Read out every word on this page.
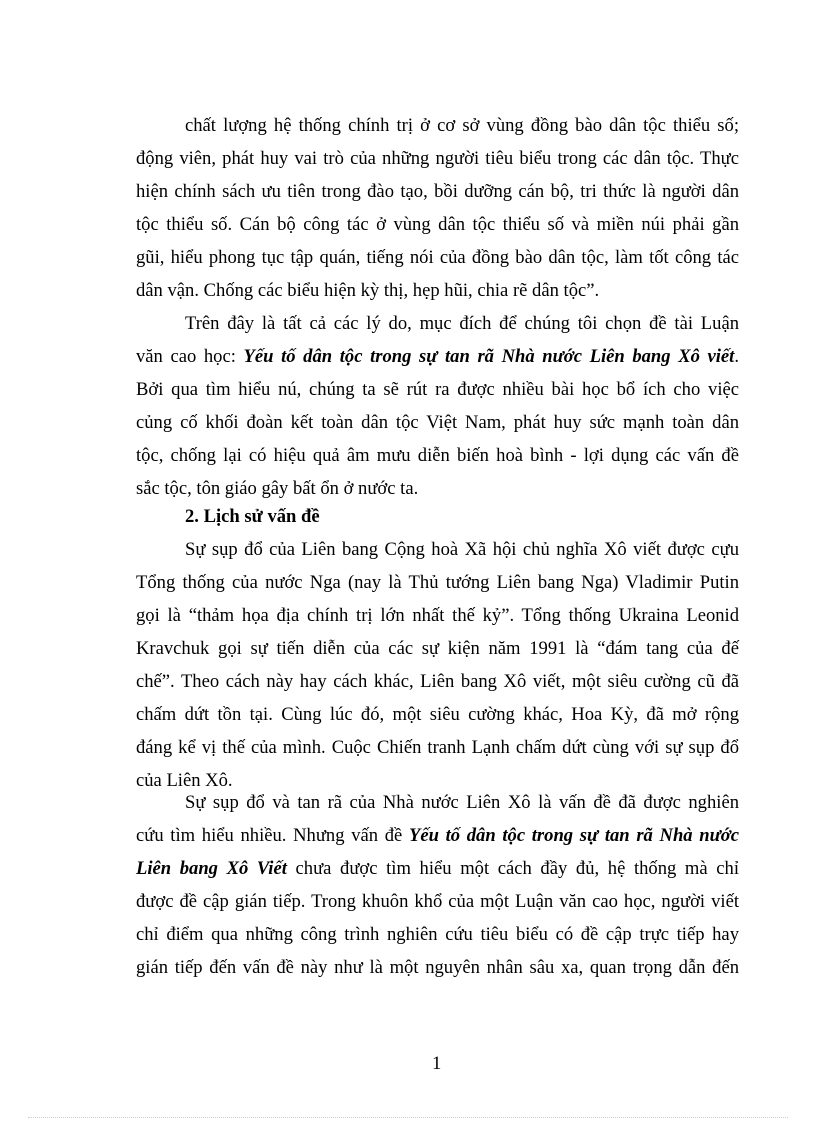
chất lượng hệ thống chính trị ở cơ sở vùng đồng bào dân tộc thiểu số;
động viên, phát huy vai trò của những người tiêu biểu trong các dân tộc. Thực
hiện chính sách ưu tiên trong đào tạo, bồi dưỡng cán bộ, tri thức là người dân
tộc thiểu số. Cán bộ công tác ở vùng dân tộc thiểu số và miền núi phải gần
gũi, hiểu phong tục tập quán, tiếng nói của đồng bào dân tộc, làm tốt công tác
dân vận. Chống các biểu hiện kỳ thị, hẹp hũi, chia rẽ dân tộc”.
Trên đây là tất cả các lý do, mục đích để chúng tôi chọn đề tài Luận
văn cao học: Yếu tố dân tộc trong sự tan rã Nhà nước Liên bang Xô viết.
Bởi qua tìm hiểu nú, chúng ta sẽ rút ra được nhiều bài học bổ ích cho việc
củng cố khối đoàn kết toàn dân tộc Việt Nam, phát huy sức mạnh toàn dân
tộc, chống lại có hiệu quả âm mưu diễn biến hoà bình - lợi dụng các vấn đề
sắc tộc, tôn giáo gây bất ổn ở nước ta.
2. Lịch sử vấn đề
Sự sụp đổ của Liên bang Cộng hoà Xã hội chủ nghĩa Xô viết được cựu
Tổng thống của nước Nga (nay là Thủ tướng Liên bang Nga) Vladimir Putin
gọi là “thảm họa địa chính trị lớn nhất thế kỷ”. Tổng thống Ukraina Leonid
Kravchuk gọi sự tiến diễn của các sự kiện năm 1991 là “đám tang của đế
chế”. Theo cách này hay cách khác, Liên bang Xô viết, một siêu cường cũ đã
chấm dứt tồn tại. Cùng lúc đó, một siêu cường khác, Hoa Kỳ, đã mở rộng
đáng kể vị thế của mình. Cuộc Chiến tranh Lạnh chấm dứt cùng với sự sụp đổ
của Liên Xô.
Sự sụp đổ và tan rã của Nhà nước Liên Xô là vấn đề đã được nghiên
cứu tìm hiểu nhiều. Nhưng vấn đề Yếu tố dân tộc trong sự tan rã Nhà nước
Liên bang Xô Viết chưa được tìm hiểu một cách đầy đủ, hệ thống mà chỉ
được đề cập gián tiếp. Trong khuôn khổ của một Luận văn cao học, người viết
chỉ điểm qua những công trình nghiên cứu tiêu biểu có đề cập trực tiếp hay
gián tiếp đến vấn đề này như là một nguyên nhân sâu xa, quan trọng dẫn đến
1
